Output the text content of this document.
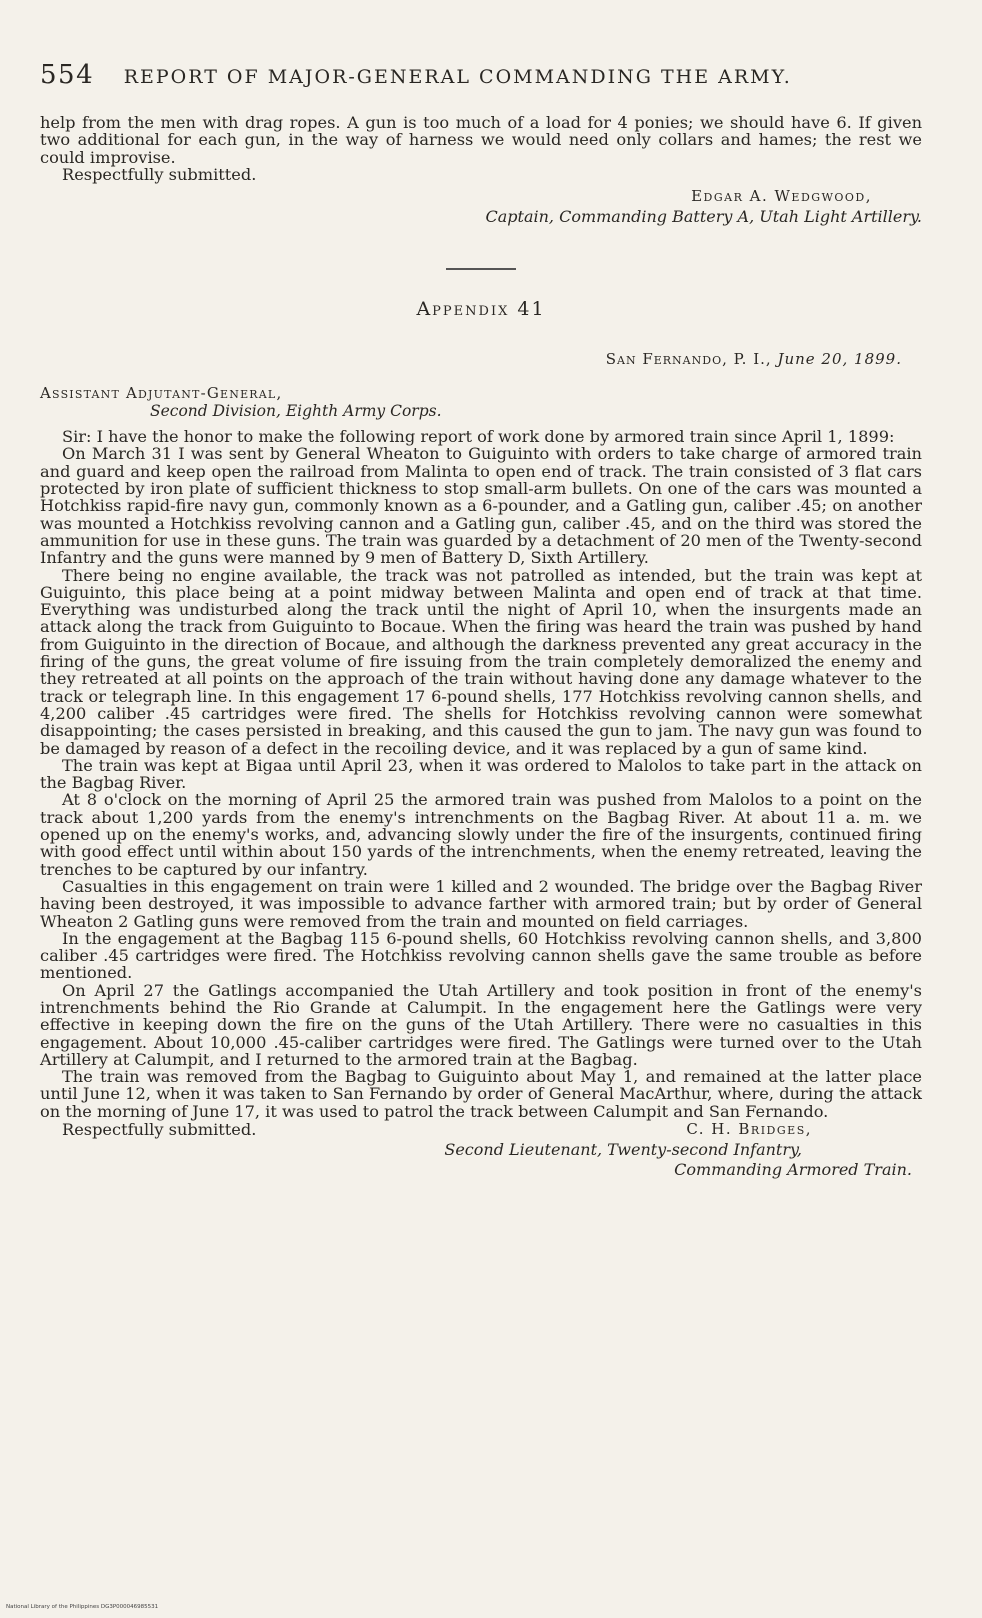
554 REPORT OF MAJOR-GENERAL COMMANDING THE ARMY.

help from the men with drag ropes. A gun is too much of a load for 4 ponies; we should have 6. If given two additional for each gun, in the way of harness we would need only collars and hames; the rest we could improvise.

Respectfully submitted.

Edgar A. Wedgwood,

Captain, Commanding Battery A, Utah Light Artillery.

Appendix 41

San Fernando, P. I., June 20, 1899.

Assistant Adjutant-General,

Second Division, Eighth Army Corps.

Sir: I have the honor to make the following report of work done by armored train since April 1, 1899:

On March 31 I was sent by General Wheaton to Guiguinto with orders to take charge of armored train and guard and keep open the railroad from Malinta to open end of track. The train consisted of 3 flat cars protected by iron plate of sufficient thickness to stop small-arm bullets. On one of the cars was mounted a Hotchkiss rapid-fire navy gun, commonly known as a 6-pounder, and a Gatling gun, caliber .45; on another was mounted a Hotchkiss revolving cannon and a Gatling gun, caliber .45, and on the third was stored the ammunition for use in these guns. The train was guarded by a detachment of 20 men of the Twenty-second Infantry and the guns were manned by 9 men of Battery D, Sixth Artillery.

There being no engine available, the track was not patrolled as intended, but the train was kept at Guiguinto, this place being at a point midway between Malinta and open end of track at that time. Everything was undisturbed along the track until the night of April 10, when the insurgents made an attack along the track from Guiguinto to Bocaue. When the firing was heard the train was pushed by hand from Guiguinto in the direction of Bocaue, and although the darkness prevented any great accuracy in the firing of the guns, the great volume of fire issuing from the train completely demoralized the enemy and they retreated at all points on the approach of the train without having done any damage whatever to the track or telegraph line. In this engagement 17 6-pound shells, 177 Hotchkiss revolving cannon shells, and 4,200 caliber .45 cartridges were fired. The shells for Hotchkiss revolving cannon were somewhat disappointing; the cases persisted in breaking, and this caused the gun to jam. The navy gun was found to be damaged by reason of a defect in the recoiling device, and it was replaced by a gun of same kind.

The train was kept at Bigaa until April 23, when it was ordered to Malolos to take part in the attack on the Bagbag River.

At 8 o'clock on the morning of April 25 the armored train was pushed from Malolos to a point on the track about 1,200 yards from the enemy's intrenchments on the Bagbag River. At about 11 a. m. we opened up on the enemy's works, and, advancing slowly under the fire of the insurgents, continued firing with good effect until within about 150 yards of the intrenchments, when the enemy retreated, leaving the trenches to be captured by our infantry.

Casualties in this engagement on train were 1 killed and 2 wounded. The bridge over the Bagbag River having been destroyed, it was impossible to advance farther with armored train; but by order of General Wheaton 2 Gatling guns were removed from the train and mounted on field carriages.

In the engagement at the Bagbag 115 6-pound shells, 60 Hotchkiss revolving cannon shells, and 3,800 caliber .45 cartridges were fired. The Hotchkiss revolving cannon shells gave the same trouble as before mentioned.

On April 27 the Gatlings accompanied the Utah Artillery and took position in front of the enemy's intrenchments behind the Rio Grande at Calumpit. In the engagement here the Gatlings were very effective in keeping down the fire on the guns of the Utah Artillery. There were no casualties in this engagement. About 10,000 .45-caliber cartridges were fired. The Gatlings were turned over to the Utah Artillery at Calumpit, and I returned to the armored train at the Bagbag.

The train was removed from the Bagbag to Guiguinto about May 1, and remained at the latter place until June 12, when it was taken to San Fernando by order of General MacArthur, where, during the attack on the morning of June 17, it was used to patrol the track between Calumpit and San Fernando.

Respectfully submitted.	C. H. Bridges,
Second Lieutenant, Twenty-second Infantry,
Commanding Armored Train.
National Library of the Philippines DG3P000046985531
